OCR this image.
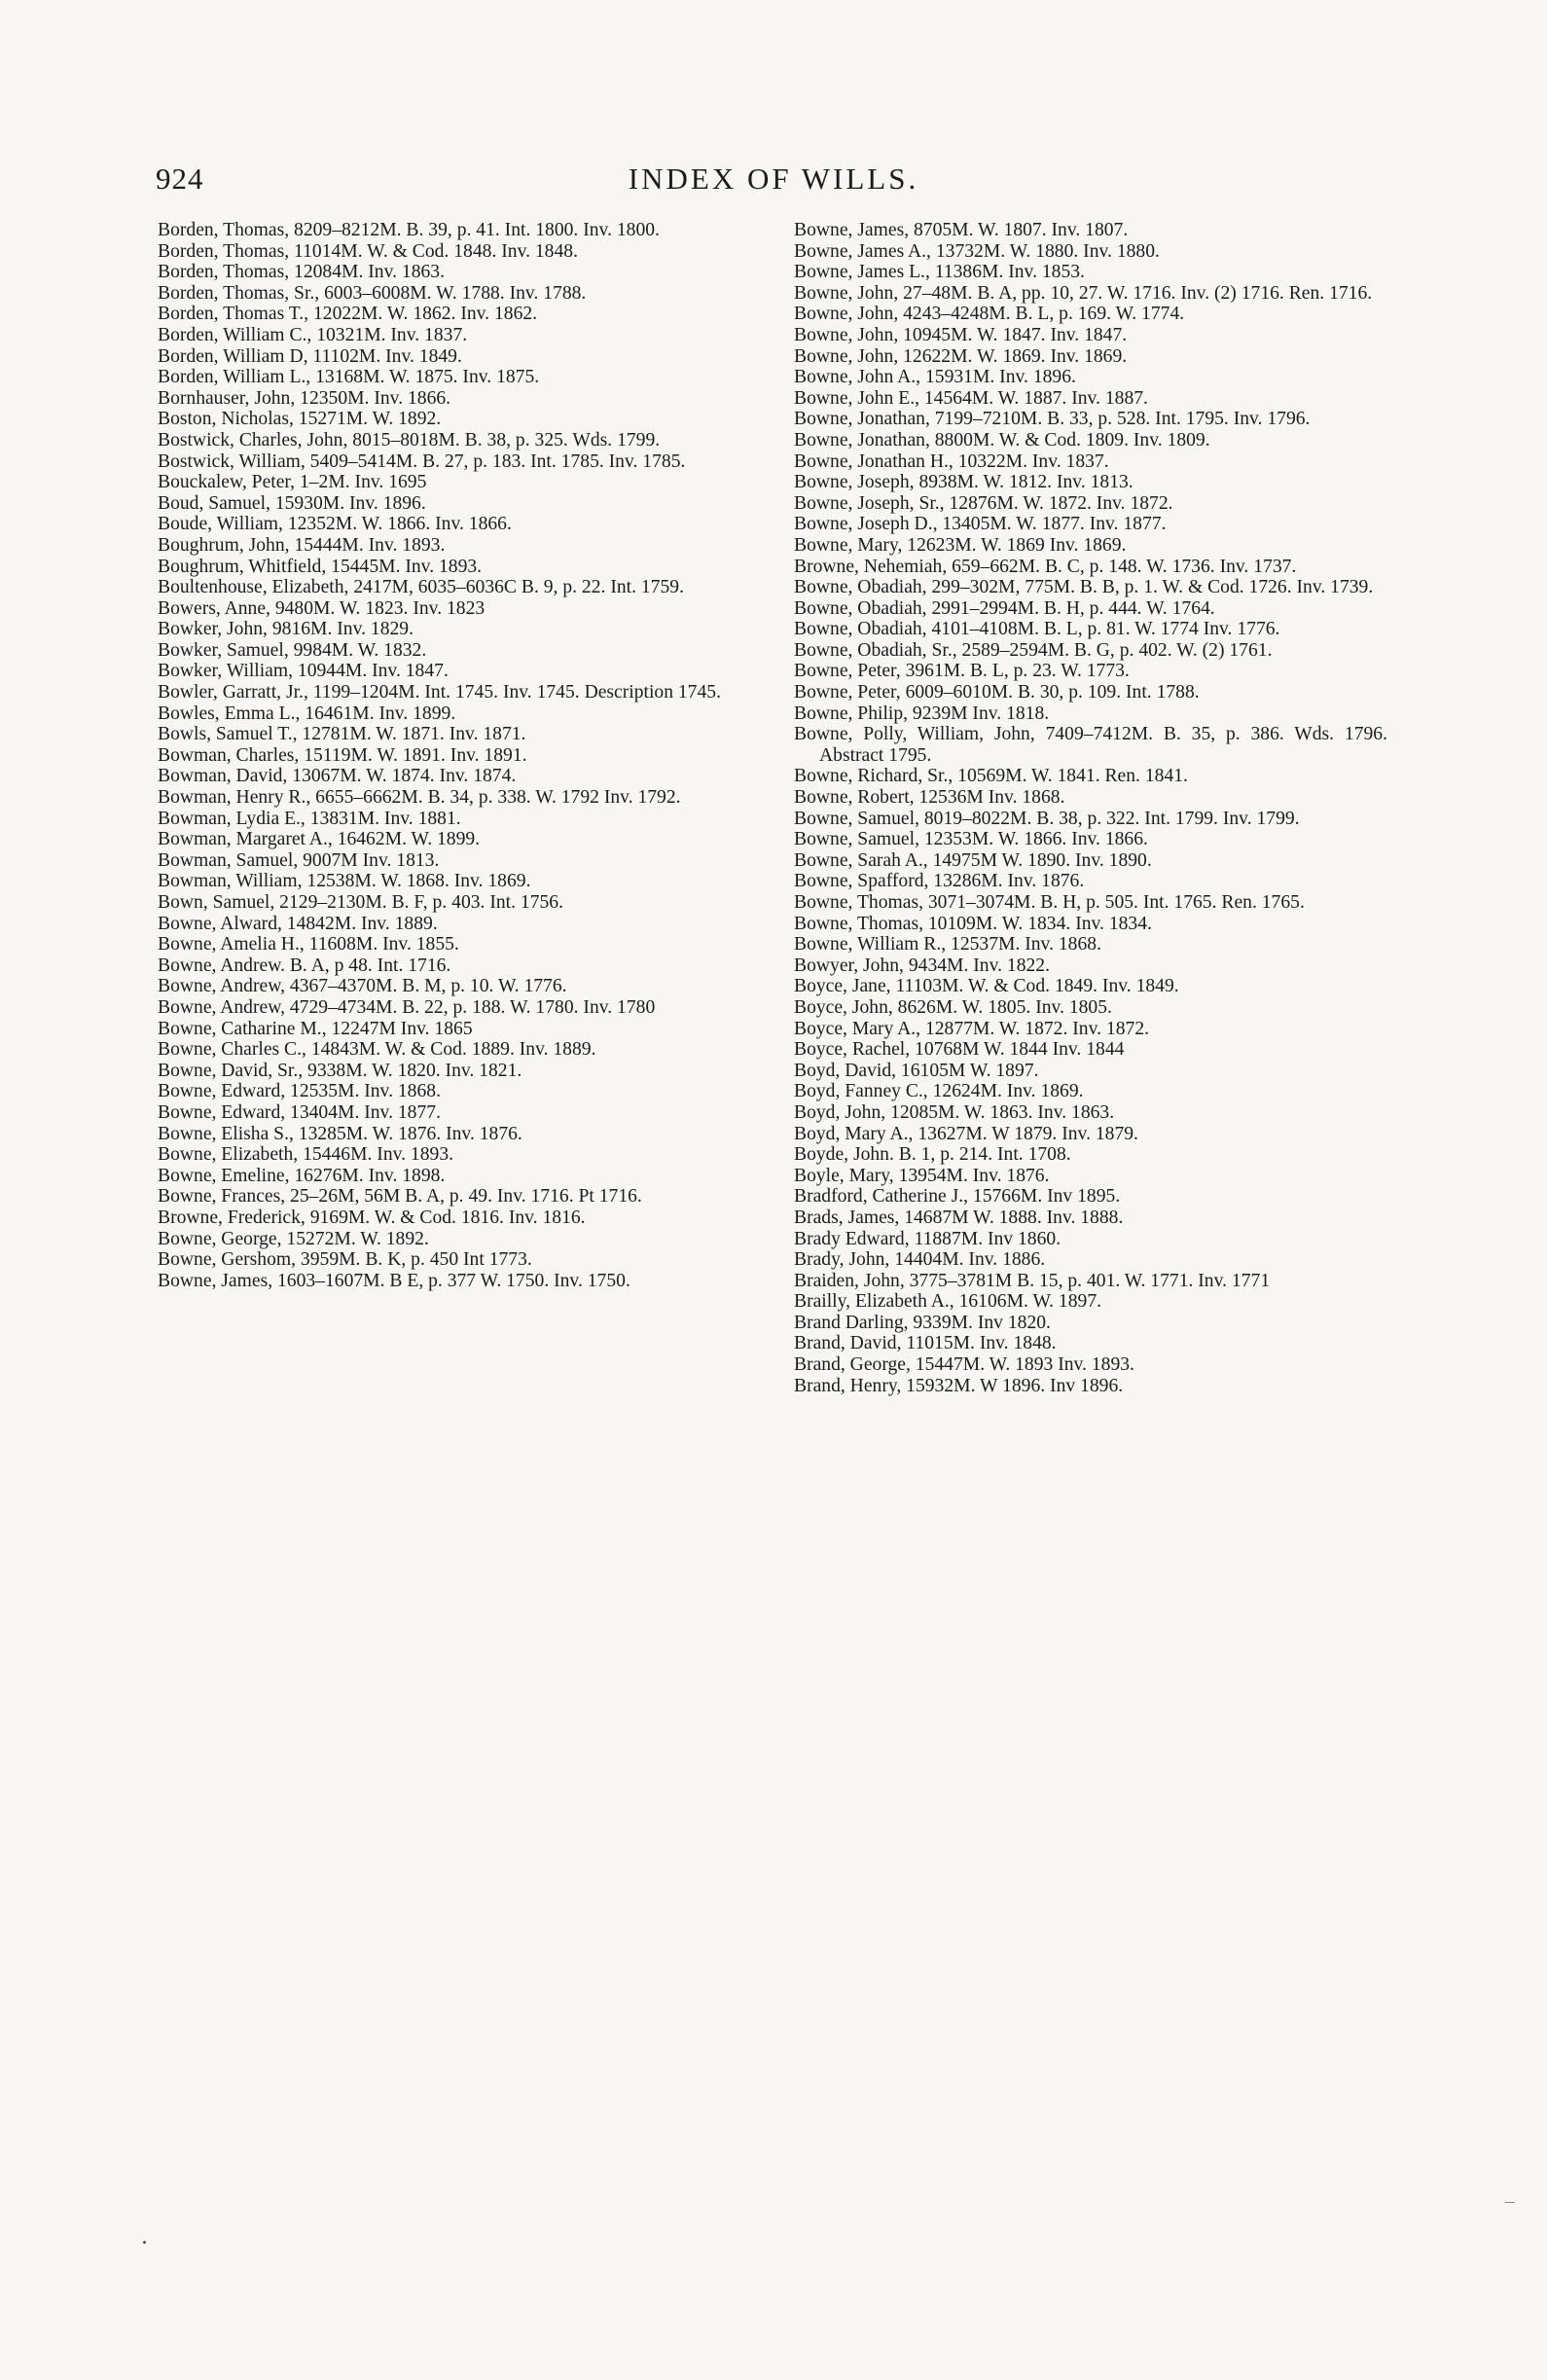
924	INDEX OF WILLS.

Borden, Thomas, 8209–8212M. B. 39, p. 41. Int. 1800. Inv. 1800.

Borden, Thomas, 11014M. W. & Cod. 1848. Inv. 1848.

Borden, Thomas, 12084M. Inv. 1863.

Borden, Thomas, Sr., 6003–6008M. W. 1788. Inv. 1788.

Borden, Thomas T., 12022M. W. 1862. Inv. 1862.

Borden, William C., 10321M. Inv. 1837.

Borden, William D, 11102M. Inv. 1849.

Borden, William L., 13168M. W. 1875. Inv. 1875.

Bornhauser, John, 12350M. Inv. 1866.

Boston, Nicholas, 15271M. W. 1892.

Bostwick, Charles, John, 8015–8018M. B. 38, p. 325. Wds. 1799.

Bostwick, William, 5409–5414M. B. 27, p. 183. Int. 1785. Inv. 1785.

Bouckalew, Peter, 1–2M. Inv. 1695

Boud, Samuel, 15930M. Inv. 1896.

Boude, William, 12352M. W. 1866. Inv. 1866.

Boughrum, John, 15444M. Inv. 1893.

Boughrum, Whitfield, 15445M. Inv. 1893.

Boultenhouse, Elizabeth, 2417M, 6035–6036C B. 9, p. 22. Int. 1759.

Bowers, Anne, 9480M. W. 1823. Inv. 1823

Bowker, John, 9816M. Inv. 1829.

Bowker, Samuel, 9984M. W. 1832.

Bowker, William, 10944M. Inv. 1847.

Bowler, Garratt, Jr., 1199–1204M. Int. 1745. Inv. 1745. Description 1745.

Bowles, Emma L., 16461M. Inv. 1899.

Bowls, Samuel T., 12781M. W. 1871. Inv. 1871.

Bowman, Charles, 15119M. W. 1891. Inv. 1891.

Bowman, David, 13067M. W. 1874. Inv. 1874.

Bowman, Henry R., 6655–6662M. B. 34, p. 338. W. 1792 Inv. 1792.

Bowman, Lydia E., 13831M. Inv. 1881.

Bowman, Margaret A., 16462M. W. 1899.

Bowman, Samuel, 9007M Inv. 1813.

Bowman, William, 12538M. W. 1868. Inv. 1869.

Bown, Samuel, 2129–2130M. B. F, p. 403. Int. 1756.

Bowne, Alward, 14842M. Inv. 1889.

Bowne, Amelia H., 11608M. Inv. 1855.

Bowne, Andrew. B. A, p 48. Int. 1716.

Bowne, Andrew, 4367–4370M. B. M, p. 10. W. 1776.

Bowne, Andrew, 4729–4734M. B. 22, p. 188. W. 1780. Inv. 1780

Bowne, Catharine M., 12247M Inv. 1865

Bowne, Charles C., 14843M. W. & Cod. 1889. Inv. 1889.

Bowne, David, Sr., 9338M. W. 1820. Inv. 1821.

Bowne, Edward, 12535M. Inv. 1868.

Bowne, Edward, 13404M. Inv. 1877.

Bowne, Elisha S., 13285M. W. 1876. Inv. 1876.

Bowne, Elizabeth, 15446M. Inv. 1893.

Bowne, Emeline, 16276M. Inv. 1898.

Bowne, Frances, 25–26M, 56M B. A, p. 49. Inv. 1716. Pt 1716.

Browne, Frederick, 9169M. W. & Cod. 1816. Inv. 1816.

Bowne, George, 15272M. W. 1892.

Bowne, Gershom, 3959M. B. K, p. 450 Int 1773.

Bowne, James, 1603–1607M. B E, p. 377 W. 1750. Inv. 1750.

Bowne, James, 8705M. W. 1807. Inv. 1807.

Bowne, James A., 13732M. W. 1880. Inv. 1880.

Bowne, James L., 11386M. Inv. 1853.

Bowne, John, 27–48M. B. A, pp. 10, 27. W. 1716. Inv. (2) 1716. Ren. 1716.

Bowne, John, 4243–4248M. B. L, p. 169. W. 1774.

Bowne, John, 10945M. W. 1847. Inv. 1847.

Bowne, John, 12622M. W. 1869. Inv. 1869.

Bowne, John A., 15931M. Inv. 1896.

Bowne, John E., 14564M. W. 1887. Inv. 1887.

Bowne, Jonathan, 7199–7210M. B. 33, p. 528. Int. 1795. Inv. 1796.

Bowne, Jonathan, 8800M. W. & Cod. 1809. Inv. 1809.

Bowne, Jonathan H., 10322M. Inv. 1837.

Bowne, Joseph, 8938M. W. 1812. Inv. 1813.

Bowne, Joseph, Sr., 12876M. W. 1872. Inv. 1872.

Bowne, Joseph D., 13405M. W. 1877. Inv. 1877.

Bowne, Mary, 12623M. W. 1869 Inv. 1869.

Browne, Nehemiah, 659–662M. B. C, p. 148. W. 1736. Inv. 1737.

Bowne, Obadiah, 299–302M, 775M. B. B, p. 1. W. & Cod. 1726. Inv. 1739.

Bowne, Obadiah, 2991–2994M. B. H, p. 444. W. 1764.

Bowne, Obadiah, 4101–4108M. B. L, p. 81. W. 1774 Inv. 1776.

Bowne, Obadiah, Sr., 2589–2594M. B. G, p. 402. W. (2) 1761.

Bowne, Peter, 3961M. B. L, p. 23. W. 1773.

Bowne, Peter, 6009–6010M. B. 30, p. 109. Int. 1788.

Bowne, Philip, 9239M Inv. 1818.

Bowne, Polly, William, John, 7409–7412M. B. 35, p. 386. Wds. 1796. Abstract 1795.

Bowne, Richard, Sr., 10569M. W. 1841. Ren. 1841.

Bowne, Robert, 12536M Inv. 1868.

Bowne, Samuel, 8019–8022M. B. 38, p. 322. Int. 1799. Inv. 1799.

Bowne, Samuel, 12353M. W. 1866. Inv. 1866.

Bowne, Sarah A., 14975M W. 1890. Inv. 1890.

Bowne, Spafford, 13286M. Inv. 1876.

Bowne, Thomas, 3071–3074M. B. H, p. 505. Int. 1765. Ren. 1765.

Bowne, Thomas, 10109M. W. 1834. Inv. 1834.

Bowne, William R., 12537M. Inv. 1868.

Bowyer, John, 9434M. Inv. 1822.

Boyce, Jane, 11103M. W. & Cod. 1849. Inv. 1849.

Boyce, John, 8626M. W. 1805. Inv. 1805.

Boyce, Mary A., 12877M. W. 1872. Inv. 1872.

Boyce, Rachel, 10768M W. 1844 Inv. 1844

Boyd, David, 16105M W. 1897.

Boyd, Fanney C., 12624M. Inv. 1869.

Boyd, John, 12085M. W. 1863. Inv. 1863.

Boyd, Mary A., 13627M. W 1879. Inv. 1879.

Boyde, John. B. 1, p. 214. Int. 1708.

Boyle, Mary, 13954M. Inv. 1876.

Bradford, Catherine J., 15766M. Inv 1895.

Brads, James, 14687M W. 1888. Inv. 1888.

Brady Edward, 11887M. Inv 1860.

Brady, John, 14404M. Inv. 1886.

Braiden, John, 3775–3781M B. 15, p. 401. W. 1771. Inv. 1771

Brailly, Elizabeth A., 16106M. W. 1897.

Brand Darling, 9339M. Inv 1820.

Brand, David, 11015M. Inv. 1848.

Brand, George, 15447M. W. 1893 Inv. 1893.

Brand, Henry, 15932M. W 1896. Inv 1896.
